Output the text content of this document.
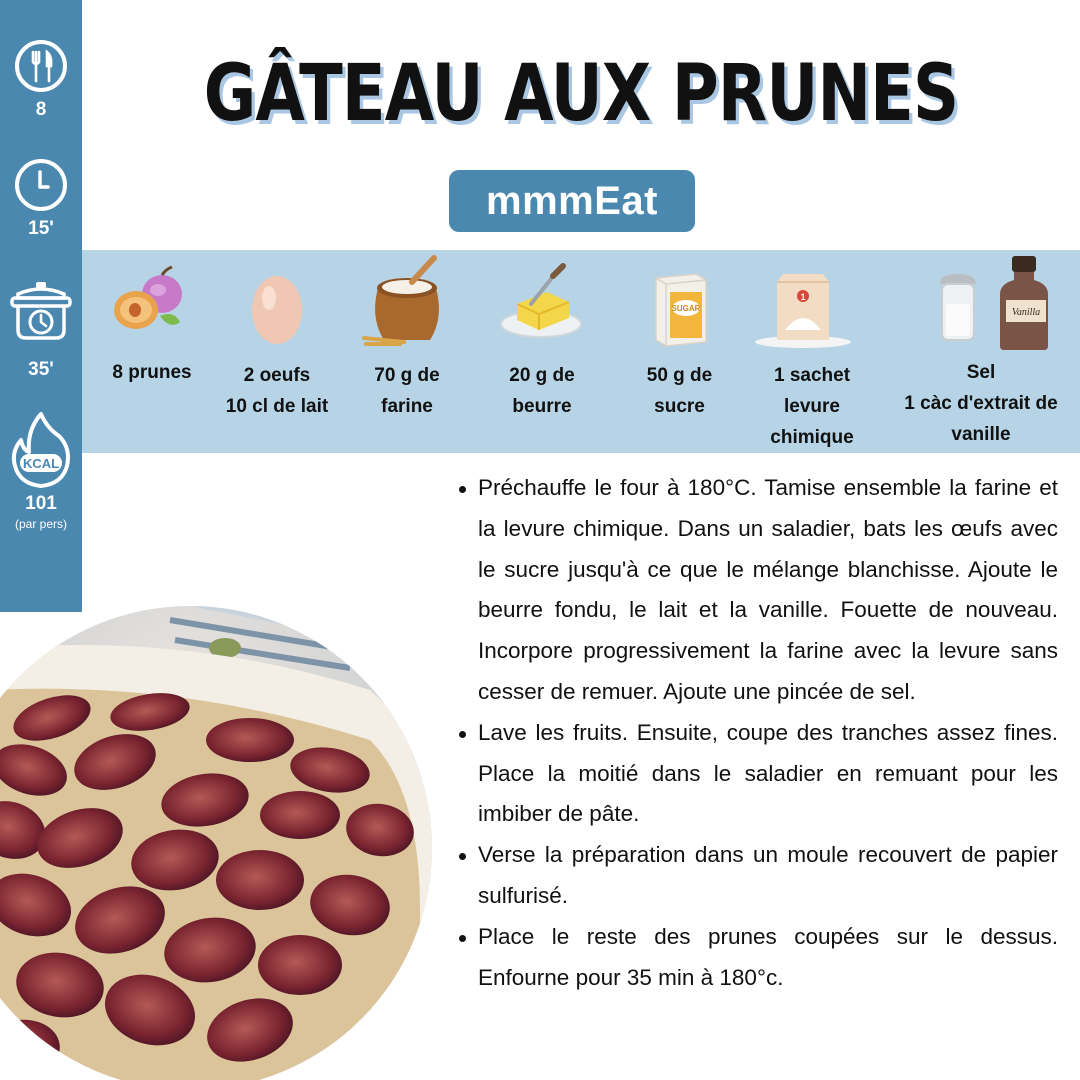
8
15'
35'
KCAL
101
(par pers)
GÂTEAU AUX PRUNES
mmmEat
8 prunes	2 oeufs
10 cl de lait
70 g de
farine
20 g de
beurre
SUGAR
50 g de
sucre
1
1 sachet
levure
chimique
Vanilla
Sel
1 càc d'extrait de
vanille
Préchauffe le four à 180°C. Tamise ensemble la farine et la levure chimique. Dans un saladier, bats les œufs avec le sucre jusqu'à ce que le mélange blanchisse. Ajoute le beurre fondu, le lait et la vanille. Fouette de nouveau. Incorpore progressivement la farine avec la levure sans cesser de remuer. Ajoute une pincée de sel.
Lave les fruits. Ensuite, coupe des tranches assez fines. Place la moitié dans le saladier en remuant pour les imbiber de pâte.
Verse la préparation dans un moule recouvert de papier sulfurisé.
Place le reste des prunes coupées sur le dessus. Enfourne pour 35 min à 180°c.
